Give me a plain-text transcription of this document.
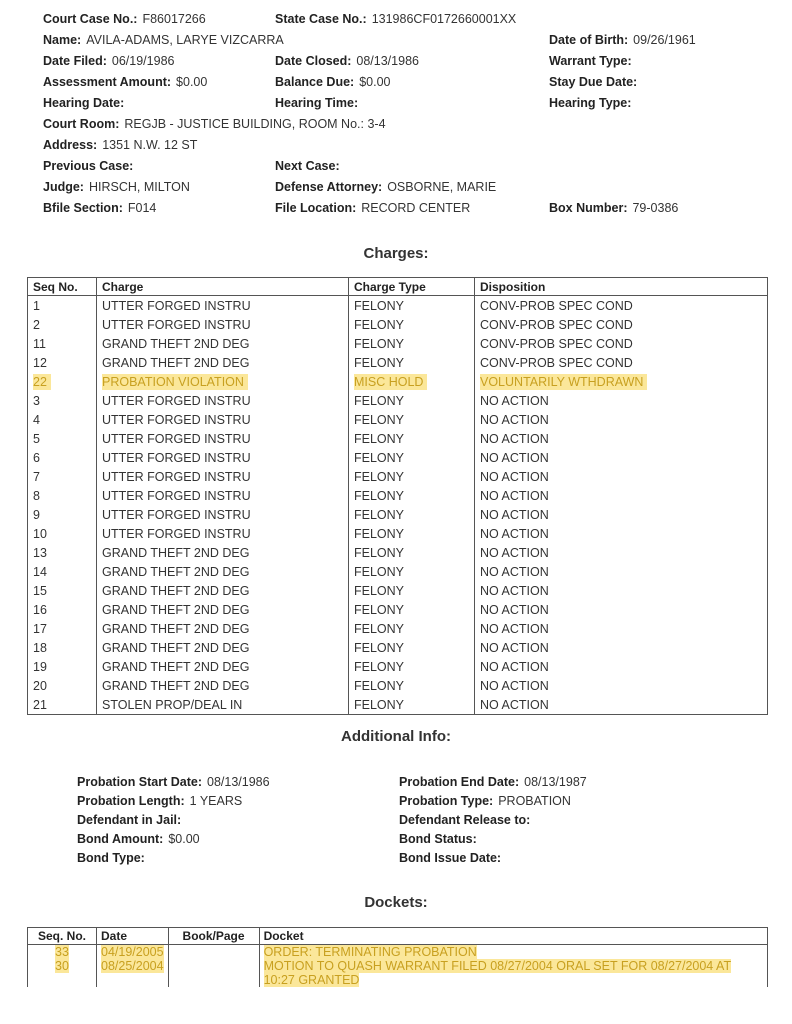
Court Case No.: F86017266	State Case No.: 131986CF0172660001XX
Name: AVILA-ADAMS, LARYE VIZCARRA	Date of Birth: 09/26/1961
Date Filed: 06/19/1986	Date Closed: 08/13/1986	Warrant Type:
Assessment Amount: $0.00	Balance Due: $0.00	Stay Due Date:
Hearing Date:	Hearing Time:	Hearing Type:
Court Room: REGJB - JUSTICE BUILDING, ROOM No.: 3-4
Address: 1351 N.W. 12 ST
Previous Case:	Next Case:
Judge: HIRSCH, MILTON	Defense Attorney: OSBORNE, MARIE
Bfile Section: F014	File Location: RECORD CENTER	Box Number: 79-0386
Charges:
Seq No.	Charge	Charge Type	Disposition
1	UTTER FORGED INSTRU	FELONY	CONV-PROB SPEC COND
2	UTTER FORGED INSTRU	FELONY	CONV-PROB SPEC COND
11	GRAND THEFT 2ND DEG	FELONY	CONV-PROB SPEC COND
12	GRAND THEFT 2ND DEG	FELONY	CONV-PROB SPEC COND
22	PROBATION VIOLATION	MISC HOLD	VOLUNTARILY WTHDRAWN
3	UTTER FORGED INSTRU	FELONY	NO ACTION
4	UTTER FORGED INSTRU	FELONY	NO ACTION
5	UTTER FORGED INSTRU	FELONY	NO ACTION
6	UTTER FORGED INSTRU	FELONY	NO ACTION
7	UTTER FORGED INSTRU	FELONY	NO ACTION
8	UTTER FORGED INSTRU	FELONY	NO ACTION
9	UTTER FORGED INSTRU	FELONY	NO ACTION
10	UTTER FORGED INSTRU	FELONY	NO ACTION
13	GRAND THEFT 2ND DEG	FELONY	NO ACTION
14	GRAND THEFT 2ND DEG	FELONY	NO ACTION
15	GRAND THEFT 2ND DEG	FELONY	NO ACTION
16	GRAND THEFT 2ND DEG	FELONY	NO ACTION
17	GRAND THEFT 2ND DEG	FELONY	NO ACTION
18	GRAND THEFT 2ND DEG	FELONY	NO ACTION
19	GRAND THEFT 2ND DEG	FELONY	NO ACTION
20	GRAND THEFT 2ND DEG	FELONY	NO ACTION
21	STOLEN PROP/DEAL IN	FELONY	NO ACTION
Additional Info:
Probation Start Date: 08/13/1986	Probation End Date: 08/13/1987
Probation Length: 1 YEARS	Probation Type: PROBATION
Defendant in Jail:	Defendant Release to:
Bond Amount: $0.00	Bond Status:
Bond Type:	Bond Issue Date:
Dockets:
Seq. No.	Date	Book/Page	Docket
33	04/19/2005		ORDER: TERMINATING PROBATION
30	08/25/2004		MOTION TO QUASH WARRANT FILED 08/27/2004 ORAL SET FOR 08/27/2004 AT 10:27 GRANTED
